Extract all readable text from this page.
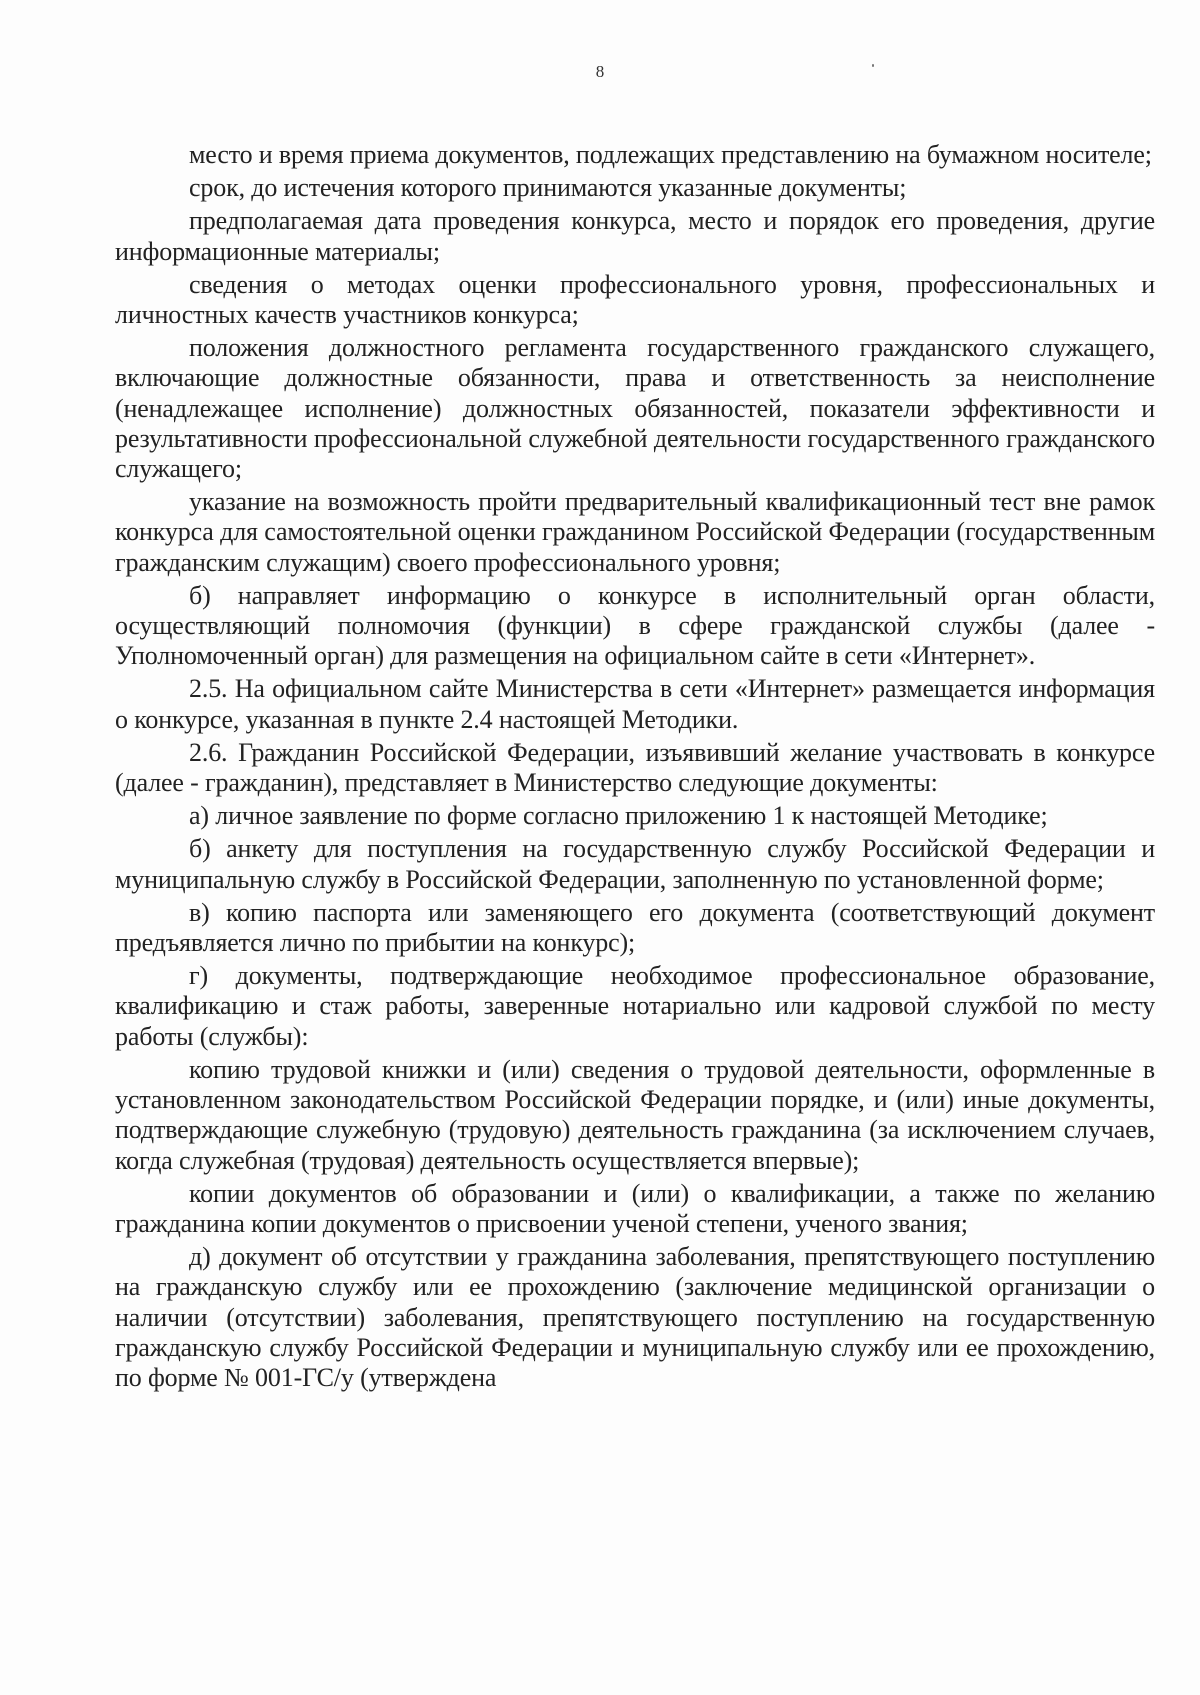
8

место и время приема документов, подлежащих представлению на бумажном носителе;

срок, до истечения которого принимаются указанные документы;

предполагаемая дата проведения конкурса, место и порядок его проведения, другие информационные материалы;

сведения о методах оценки профессионального уровня, профессиональных и личностных качеств участников конкурса;

положения должностного регламента государственного гражданского служащего, включающие должностные обязанности, права и ответственность за неисполнение (ненадлежащее исполнение) должностных обязанностей, показатели эффективности и результативности профессиональной служебной деятельности государственного гражданского служащего;

указание на возможность пройти предварительный квалификационный тест вне рамок конкурса для самостоятельной оценки гражданином Российской Федерации (государственным гражданским служащим) своего профессионального уровня;

б) направляет информацию о конкурсе в исполнительный орган области, осуществляющий полномочия (функции) в сфере гражданской службы (далее - Уполномоченный орган) для размещения на официальном сайте в сети «Интернет».

2.5. На официальном сайте Министерства в сети «Интернет» размещается информация о конкурсе, указанная в пункте 2.4 настоящей Методики.

2.6. Гражданин Российской Федерации, изъявивший желание участвовать в конкурсе (далее - гражданин), представляет в Министерство следующие документы:

а) личное заявление по форме согласно приложению 1 к настоящей Методике;

б) анкету для поступления на государственную службу Российской Федерации и муниципальную службу в Российской Федерации, заполненную по установленной форме;

в) копию паспорта или заменяющего его документа (соответствующий документ предъявляется лично по прибытии на конкурс);

г) документы, подтверждающие необходимое профессиональное образование, квалификацию и стаж работы, заверенные нотариально или кадровой службой по месту работы (службы):

копию трудовой книжки и (или) сведения о трудовой деятельности, оформленные в установленном законодательством Российской Федерации порядке, и (или) иные документы, подтверждающие служебную (трудовую) деятельность гражданина (за исключением случаев, когда служебная (трудовая) деятельность осуществляется впервые);

копии документов об образовании и (или) о квалификации, а также по желанию гражданина копии документов о присвоении ученой степени, ученого звания;

д) документ об отсутствии у гражданина заболевания, препятствующего поступлению на гражданскую службу или ее прохождению (заключение медицинской организации о наличии (отсутствии) заболевания, препятствующего поступлению на государственную гражданскую службу Российской Федерации и муниципальную службу или ее прохождению, по форме № 001-ГС/у (утверждена
